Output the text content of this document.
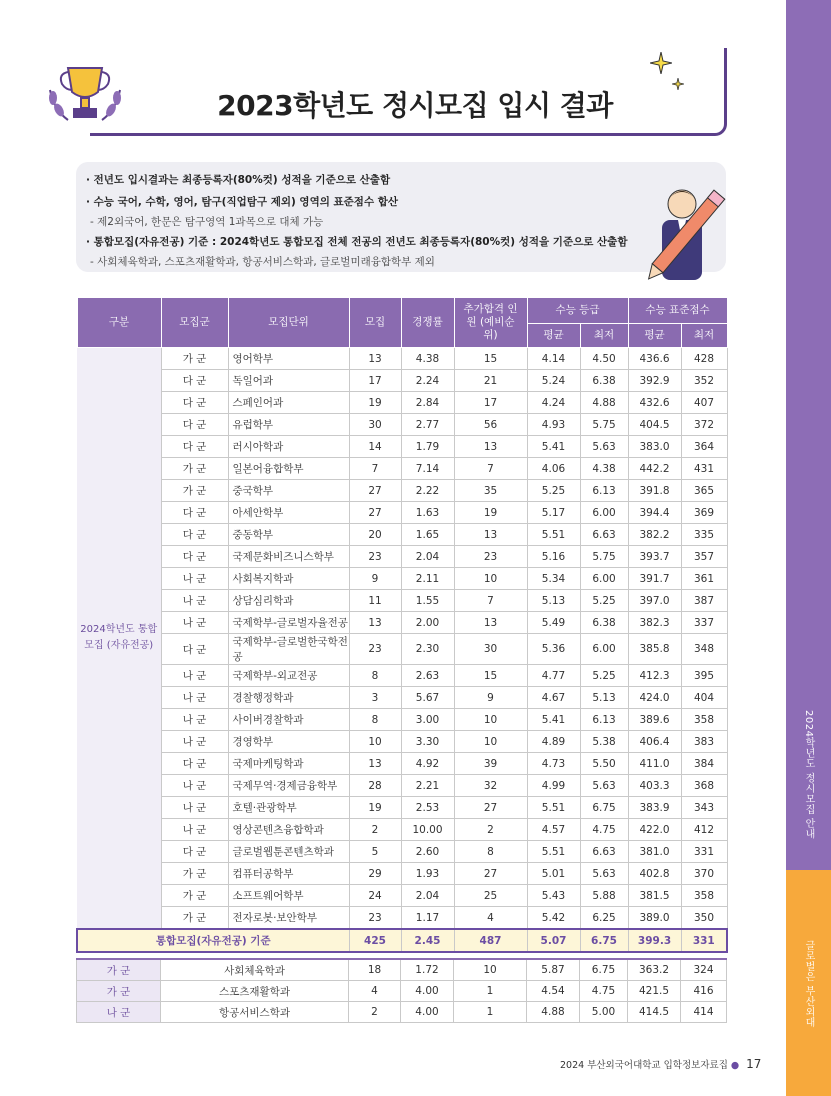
2024학년도 정시모집 안내
글로벌은 부산외대
2023학년도 정시모집 입시 결과
· 전년도 입시결과는 최종등록자(80%컷) 성적을 기준으로 산출함
· 수능 국어, 수학, 영어, 탐구(직업탐구 제외) 영역의 표준점수 합산
- 제2외국어, 한문은 탐구영역 1과목으로 대체 가능
· 통합모집(자유전공) 기준 : 2024학년도 통합모집 전체 전공의 전년도 최종등록자(80%컷) 성적을 기준으로 산출함
- 사회체육학과, 스포츠재활학과, 항공서비스학과, 글로벌미래융합학부 제외
구분	모집군	모집단위	모집	경쟁률	추가합격 인원 (예비순위)	수능 등급		수능 표준점수	
						평균	최저	평균	최저
2024학년도 통합모집 (자유전공)	가 군	영어학부	13	4.38	15	4.14	4.50	436.6	428
	다 군	독일어과	17	2.24	21	5.24	6.38	392.9	352
	다 군	스페인어과	19	2.84	17	4.24	4.88	432.6	407
	다 군	유럽학부	30	2.77	56	4.93	5.75	404.5	372
	다 군	러시아학과	14	1.79	13	5.41	5.63	383.0	364
	가 군	일본어융합학부	7	7.14	7	4.06	4.38	442.2	431
	가 군	중국학부	27	2.22	35	5.25	6.13	391.8	365
	다 군	아세안학부	27	1.63	19	5.17	6.00	394.4	369
	다 군	중동학부	20	1.65	13	5.51	6.63	382.2	335
	다 군	국제문화비즈니스학부	23	2.04	23	5.16	5.75	393.7	357
	나 군	사회복지학과	9	2.11	10	5.34	6.00	391.7	361
	나 군	상담심리학과	11	1.55	7	5.13	5.25	397.0	387
	나 군	국제학부-글로벌자율전공	13	2.00	13	5.49	6.38	382.3	337
	다 군	국제학부-글로벌한국학전공	23	2.30	30	5.36	6.00	385.8	348
	나 군	국제학부-외교전공	8	2.63	15	4.77	5.25	412.3	395
	나 군	경찰행정학과	3	5.67	9	4.67	5.13	424.0	404
	나 군	사이버경찰학과	8	3.00	10	5.41	6.13	389.6	358
	나 군	경영학부	10	3.30	10	4.89	5.38	406.4	383
	다 군	국제마케팅학과	13	4.92	39	4.73	5.50	411.0	384
	나 군	국제무역·경제금융학부	28	2.21	32	4.99	5.63	403.3	368
	나 군	호텔·관광학부	19	2.53	27	5.51	6.75	383.9	343
	나 군	영상콘텐츠융합학과	2	10.00	2	4.57	4.75	422.0	412
	다 군	글로벌웹툰콘텐츠학과	5	2.60	8	5.51	6.63	381.0	331
	가 군	컴퓨터공학부	29	1.93	27	5.01	5.63	402.8	370
	가 군	소프트웨어학부	24	2.04	25	5.43	5.88	381.5	358
	가 군	전자로봇·보안학부	23	1.17	4	5.42	6.25	389.0	350
통합모집(자유전공) 기준			425	2.45	487	5.07	6.75	399.3	331
가 군	사회체육학과	18	1.72	10	5.87	6.75	363.2	324
가 군	스포츠재활학과	4	4.00	1	4.54	4.75	421.5	416
나 군	항공서비스학과	2	4.00	1	4.88	5.00	414.5	414
2024 부산외국어대학교 입학정보자료집 ● 17
